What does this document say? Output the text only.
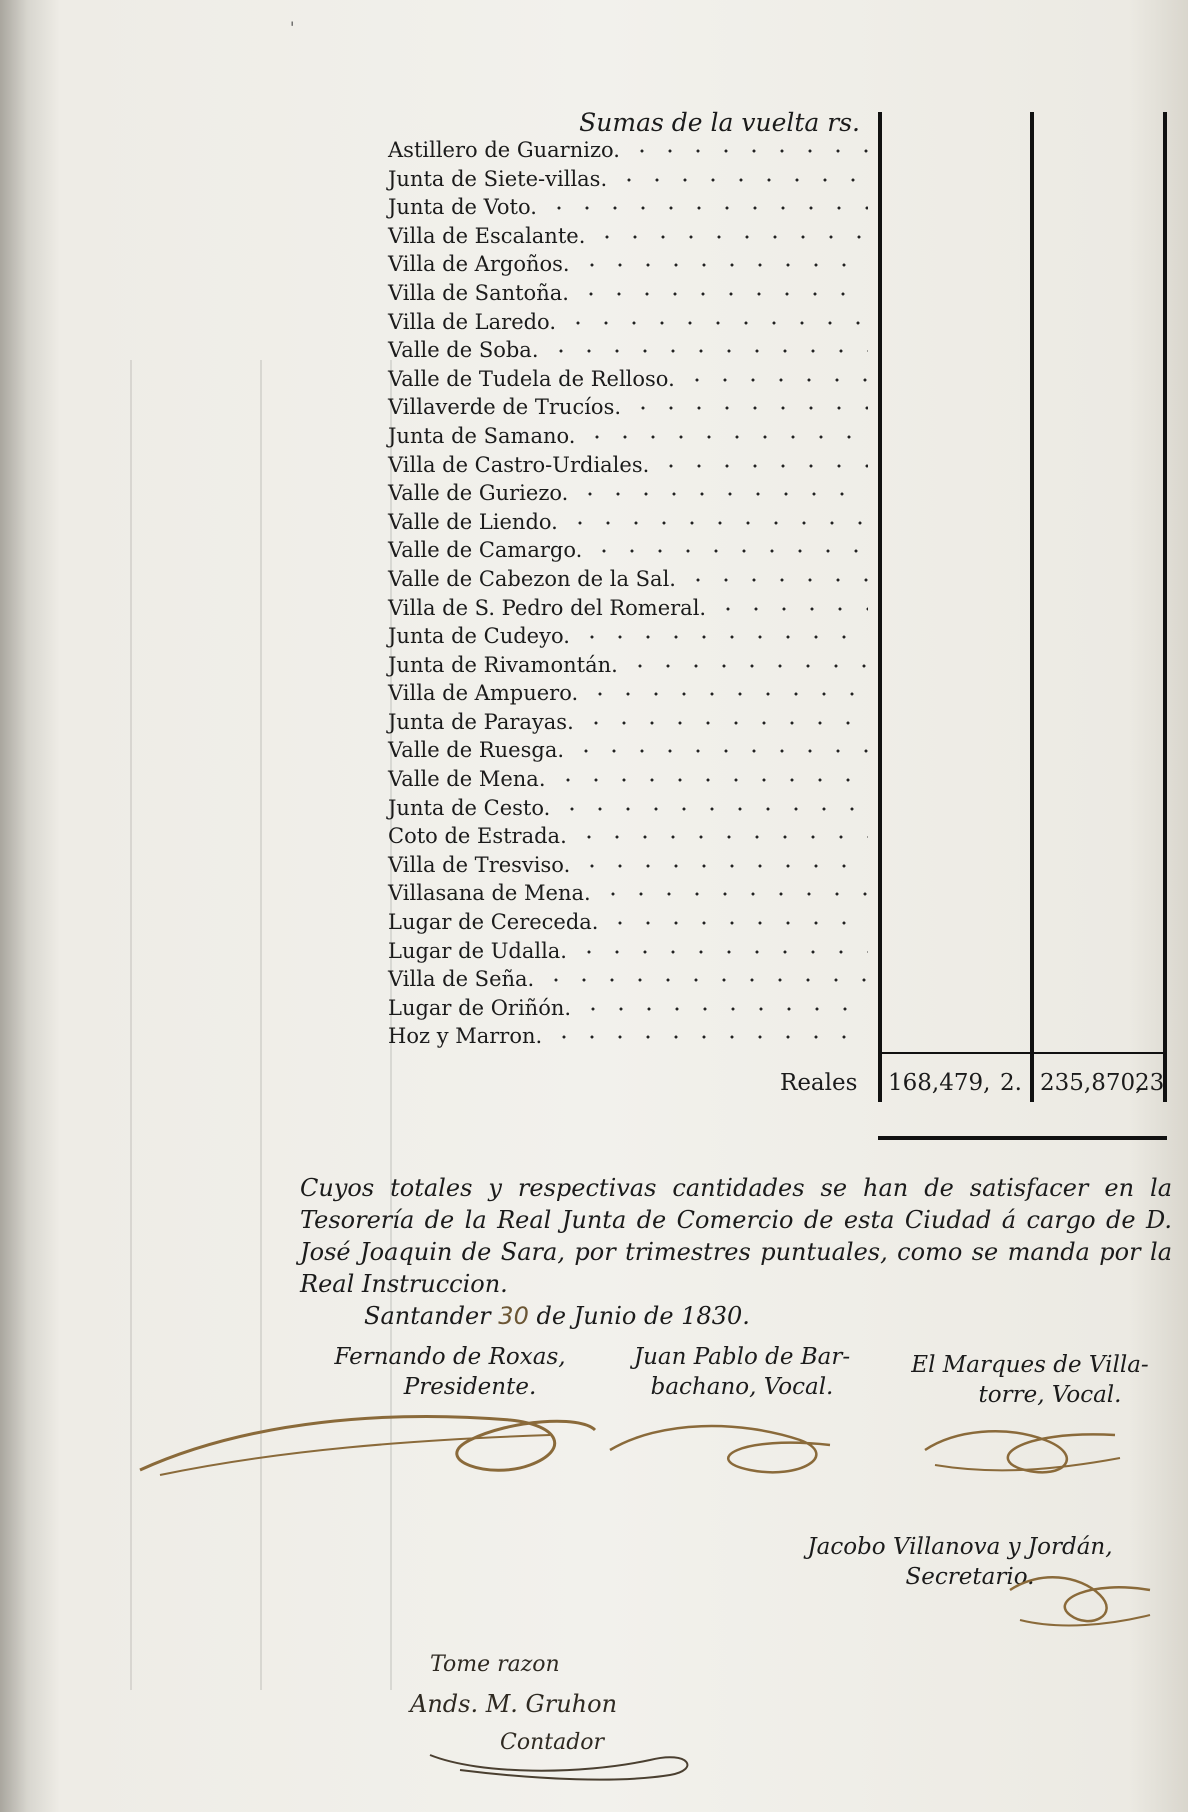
'
Sumas de la vuelta rs.
Astillero de Guarnizo.
Junta de Siete-villas.
Junta de Voto.
Villa de Escalante.
Villa de Argoños.
Villa de Santoña.
Villa de Laredo.
Valle de Soba.
Valle de Tudela de Relloso.
Villaverde de Trucíos.
Junta de Samano.
Villa de Castro-Urdiales.
Valle de Guriezo.
Valle de Liendo.
Valle de Camargo.
Valle de Cabezon de la Sal.
Villa de S. Pedro del Romeral.
Junta de Cudeyo.
Junta de Rivamontán.
Villa de Ampuero.
Junta de Parayas.
Valle de Ruesga.
Valle de Mena.
Junta de Cesto.
Coto de Estrada.
Villa de Tresviso.
Villasana de Mena.
Lugar de Cereceda.
Lugar de Udalla.
Villa de Seña.
Lugar de Oriñón.
Hoz y Marron.
Reales 168,479, 2. 235,870,
23
Cuyos totales y respectivas cantidades se han de satisfacer en la Tesorería de la Real Junta de Comercio de esta Ciudad á cargo de D. José Joaquin de Sara, por trimestres puntuales, como se manda por la Real Instruccion.
Santander 30 de Junio de 1830.
Fernando de Roxas,
Presidente.
Juan Pablo de Bar-
bachano, Vocal.
El Marques de Villa-
torre, Vocal.
Jacobo Villanova y Jordán,
Secretario.
Tome razon
Ands. M. Gruhon
Contador
